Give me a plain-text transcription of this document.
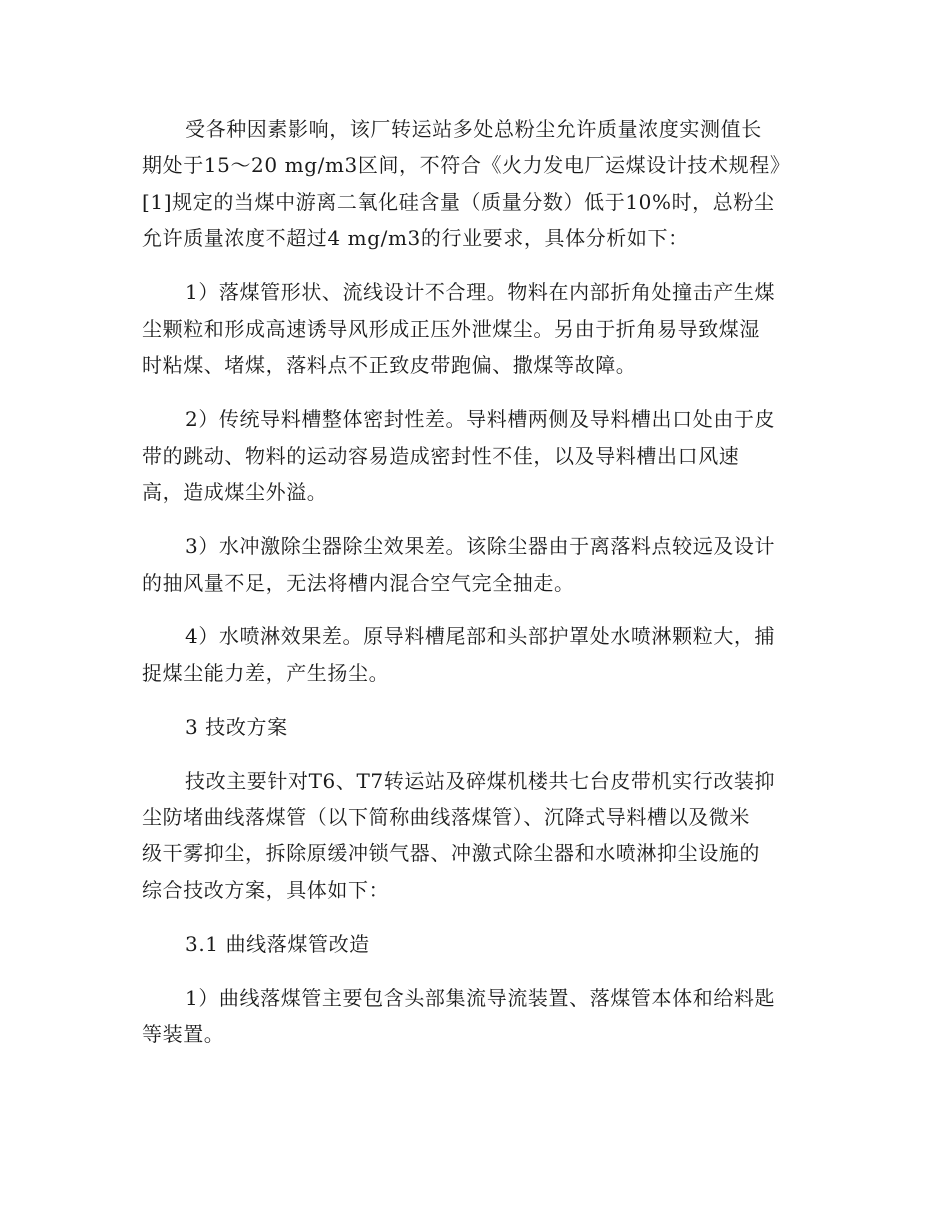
受各种因素影响，该厂转运站多处总粉尘允许质量浓度实测值长
期处于15～20 mg/m3区间，不符合《火力发电厂运煤设计技术规程》
[1]规定的当煤中游离二氧化硅含量（质量分数）低于10%时，总粉尘
允许质量浓度不超过4 mg/m3的行业要求，具体分析如下：
1）落煤管形状、流线设计不合理。物料在内部折角处撞击产生煤
尘颗粒和形成高速诱导风形成正压外泄煤尘。另由于折角易导致煤湿
时粘煤、堵煤，落料点不正致皮带跑偏、撒煤等故障。
2）传统导料槽整体密封性差。导料槽两侧及导料槽出口处由于皮
带的跳动、物料的运动容易造成密封性不佳，以及导料槽出口风速
高，造成煤尘外溢。
3）水冲激除尘器除尘效果差。该除尘器由于离落料点较远及设计
的抽风量不足，无法将槽内混合空气完全抽走。
4）水喷淋效果差。原导料槽尾部和头部护罩处水喷淋颗粒大，捕
捉煤尘能力差，产生扬尘。
3 技改方案
技改主要针对T6、T7转运站及碎煤机楼共七台皮带机实行改装抑
尘防堵曲线落煤管（以下简称曲线落煤管）、沉降式导料槽以及微米
级干雾抑尘，拆除原缓冲锁气器、冲激式除尘器和水喷淋抑尘设施的
综合技改方案，具体如下：
3.1 曲线落煤管改造
1）曲线落煤管主要包含头部集流导流装置、落煤管本体和给料匙
等装置。
